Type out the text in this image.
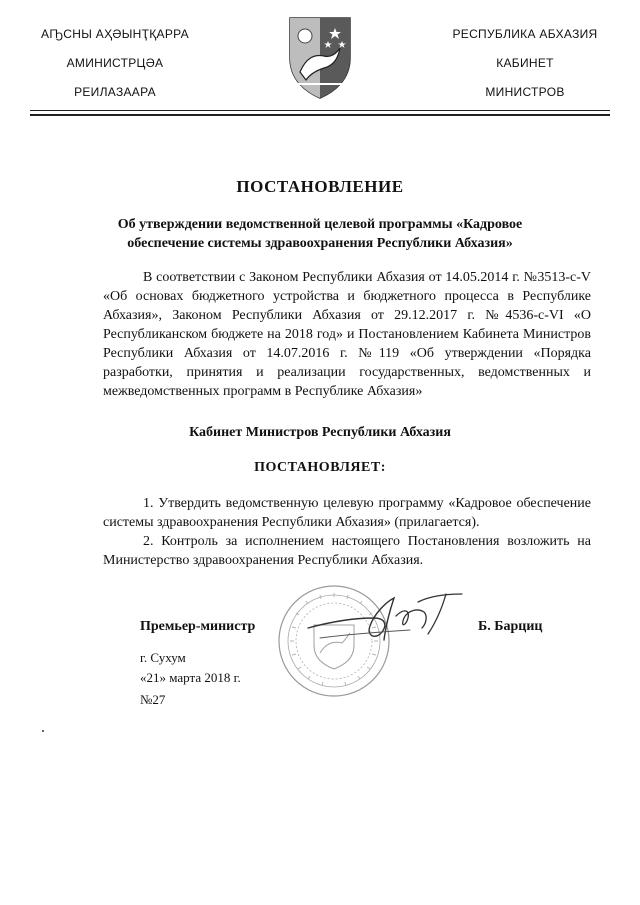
АҦСНЫ АҲӘЫНҬҚАРРА
АМИНИСТРЦӘА
РЕИЛАЗААРА
РЕСПУБЛИКА АБХАЗИЯ
КАБИНЕТ
МИНИСТРОВ
ПОСТАНОВЛЕНИЕ
Об утверждении ведомственной целевой программы «Кадровое обеспечение системы здравоохранения Республики Абхазия»

В соответствии с Законом Республики Абхазия от 14.05.2014 г. №3513-с-V «Об основах бюджетного устройства и бюджетного процесса в Республике Абхазия», Законом Республики Абхазия от 29.12.2017 г. №4536-с-VI «О Республиканском бюджете на 2018 год» и Постановлением Кабинета Министров Республики Абхазия от 14.07.2016 г. №119 «Об утверждении «Порядка разработки, принятия и реализации государственных, ведомственных и межведомственных программ в Республике Абхазия»

Кабинет Министров Республики Абхазия
ПОСТАНОВЛЯЕТ:

1. Утвердить ведомственную целевую программу «Кадровое обеспечение системы здравоохранения Республики Абхазия» (прилагается).

2. Контроль за исполнением настоящего Постановления возложить на Министерство здравоохранения Республики Абхазия.

Премьер-министр	Б. Барциц
г. Сухум
«21» марта 2018 г.
№27
